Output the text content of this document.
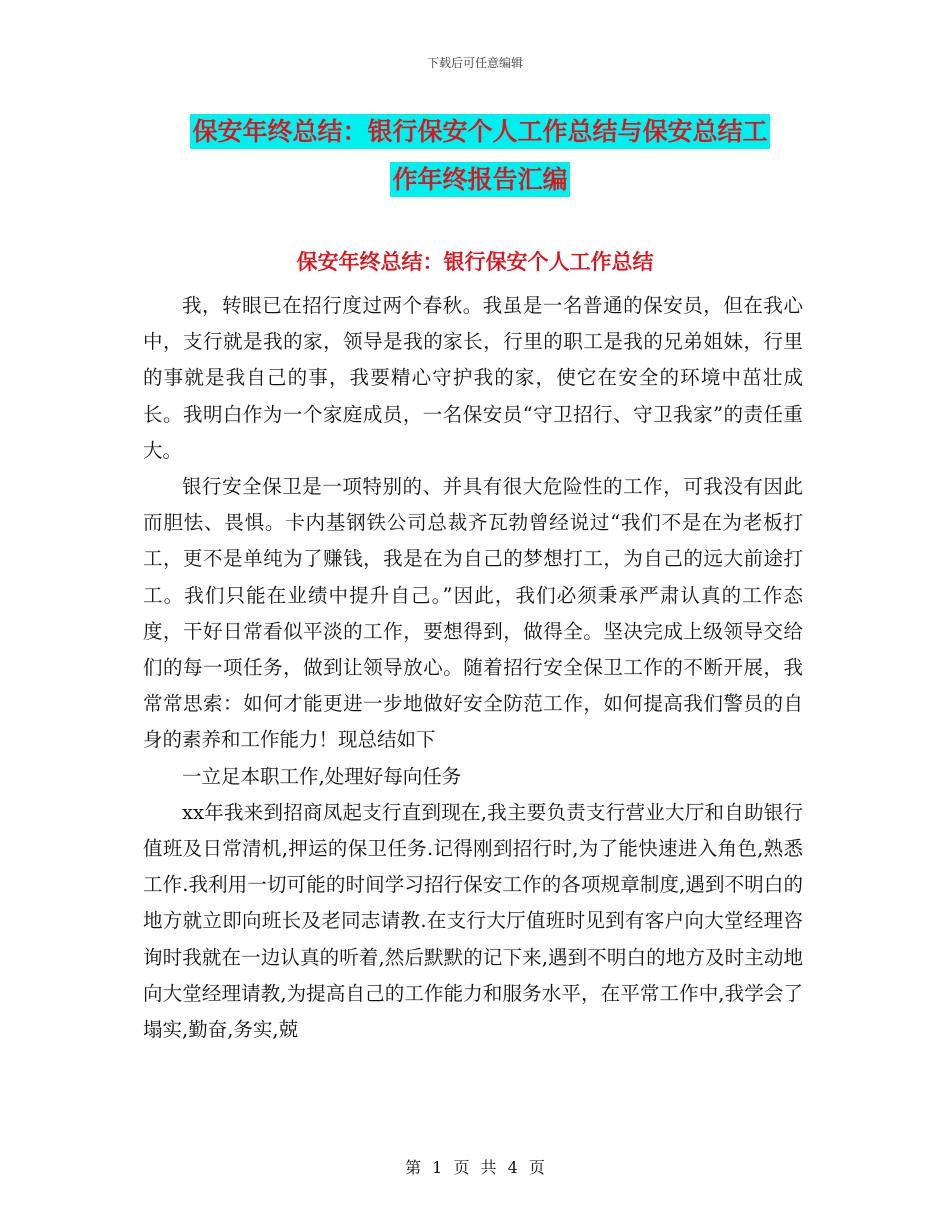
下载后可任意编辑
保安年终总结：银行保安个人工作总结与保安总结工
作年终报告汇编
保安年终总结：银行保安个人工作总结

我，转眼已在招行度过两个春秋。我虽是一名普通的保安员，但在我心中，支行就是我的家，领导是我的家长，行里的职工是我的兄弟姐妹，行里的事就是我自己的事，我要精心守护我的家，使它在安全的环境中茁壮成长。我明白作为一个家庭成员，一名保安员“守卫招行、守卫我家”的责任重大。

银行安全保卫是一项特别的、并具有很大危险性的工作，可我没有因此而胆怯、畏惧。卡内基钢铁公司总裁齐瓦勃曾经说过“我们不是在为老板打工，更不是单纯为了赚钱，我是在为自己的梦想打工，为自己的远大前途打工。我们只能在业绩中提升自己。”因此，我们必须秉承严肃认真的工作态度，干好日常看似平淡的工作，要想得到，做得全。坚决完成上级领导交给们的每一项任务，做到让领导放心。随着招行安全保卫工作的不断开展，我常常思索：如何才能更进一步地做好安全防范工作，如何提高我们警员的自身的素养和工作能力！现总结如下

一立足本职工作,处理好每向任务

xx年我来到招商凤起支行直到现在,我主要负责支行营业大厅和自助银行值班及日常清机,押运的保卫任务.记得刚到招行时,为了能快速进入角色,熟悉工作.我利用一切可能的时间学习招行保安工作的各项规章制度,遇到不明白的地方就立即向班长及老同志请教.在支行大厅值班时见到有客户向大堂经理咨询时我就在一边认真的听着,然后默默的记下来,遇到不明白的地方及时主动地向大堂经理请教,为提高自己的工作能力和服务水平，在平常工作中,我学会了塌实,勤奋,务实,兢

第 1 页 共 4 页
